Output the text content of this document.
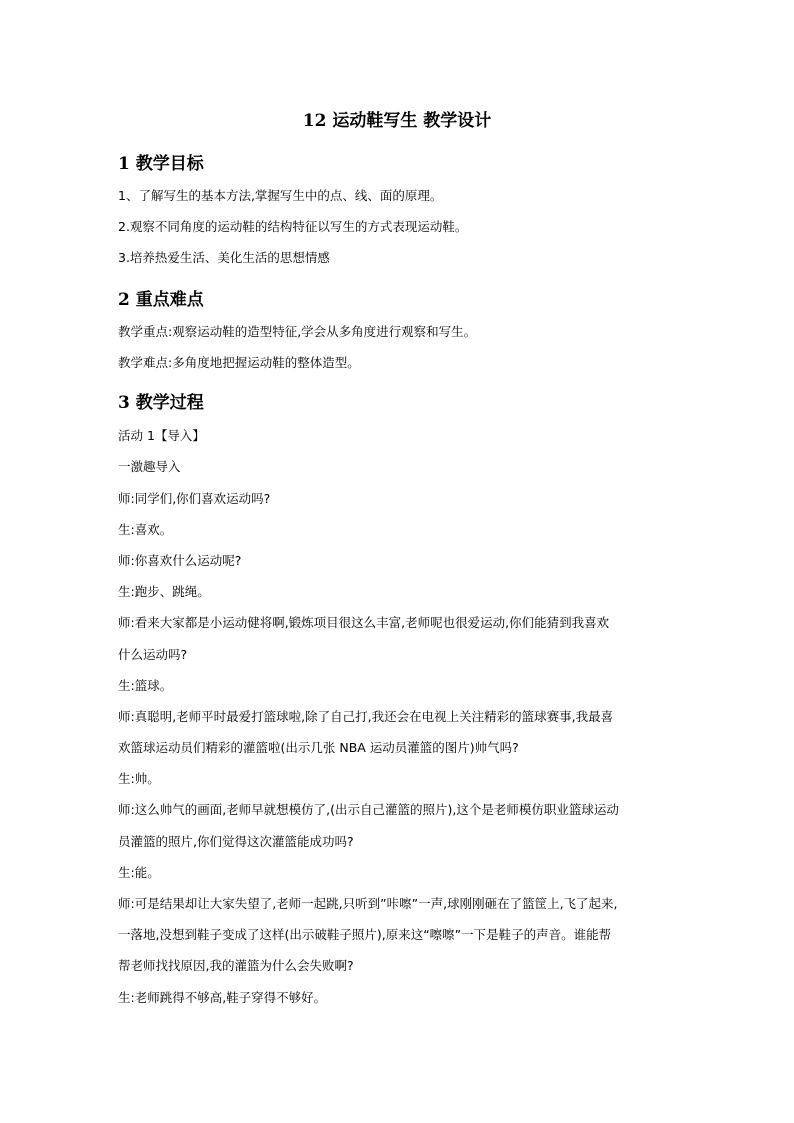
12 运动鞋写生 教学设计
1 教学目标
1、了解写生的基本方法,掌握写生中的点、线、面的原理。
2.观察不同角度的运动鞋的结构特征以写生的方式表现运动鞋。
3.培养热爱生活、美化生活的思想情感
2 重点难点
教学重点:观察运动鞋的造型特征,学会从多角度进行观察和写生。
教学难点:多角度地把握运动鞋的整体造型。
3 教学过程
活动 1【导入】
一激趣导入
师:同学们,你们喜欢运动吗?
生:喜欢。
师:你喜欢什么运动呢?
生:跑步、跳绳。
师:看来大家都是小运动健将啊,锻炼项目很这么丰富,老师呢也很爱运动,你们能猜到我喜欢
什么运动吗?
生:篮球。
师:真聪明,老师平时最爱打篮球啦,除了自己打,我还会在电视上关注精彩的篮球赛事,我最喜
欢篮球运动员们精彩的灌篮啦(出示几张 NBA 运动员灌篮的图片)帅气吗?
生:帅。
师:这么帅气的画面,老师早就想模仿了,(出示自己灌篮的照片),这个是老师模仿职业篮球运动
员灌篮的照片,你们觉得这次灌篮能成功吗?
生:能。
师:可是结果却让大家失望了,老师一起跳,只听到”咔嚓”一声,球刚刚砸在了篮筐上,飞了起来,
一落地,没想到鞋子变成了这样(出示破鞋子照片),原来这“嚓嚓”一下是鞋子的声音。谁能帮
帮老师找找原因,我的灌篮为什么会失败啊?
生:老师跳得不够高,鞋子穿得不够好。
